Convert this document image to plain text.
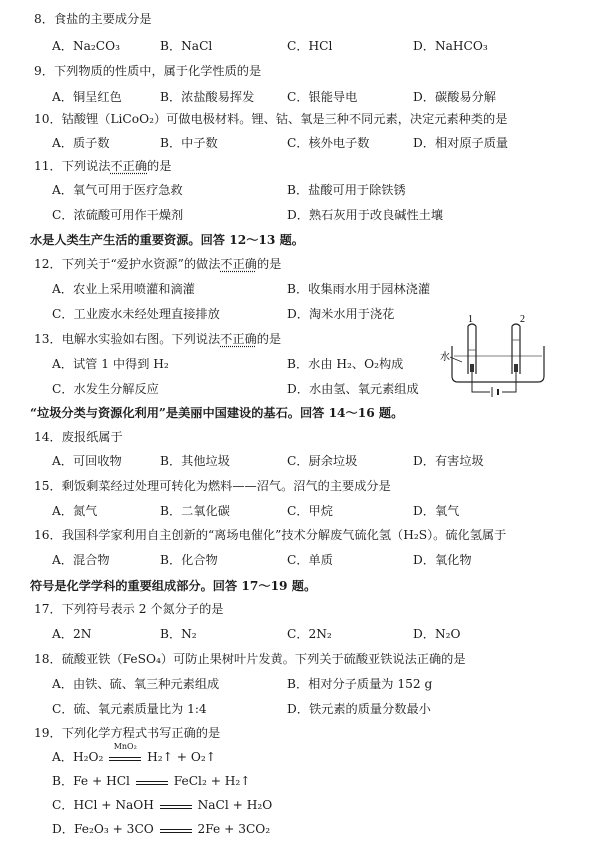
8．食盐的主要成分是
A．Na₂CO₃	B．NaCl	C．HCl	D．NaHCO₃
9．下列物质的性质中，属于化学性质的是
A．铜呈红色	B．浓盐酸易挥发	C．银能导电	D．碳酸易分解
10．钴酸锂（LiCoO₂）可做电极材料。锂、钴、氧是三种不同元素，决定元素种类的是
A．质子数	B．中子数	C．核外电子数	D．相对原子质量
11．下列说法不正确的是
A．氧气可用于医疗急救	B．盐酸可用于除铁锈
C．浓硫酸可用作干燥剂	D．熟石灰用于改良碱性土壤
水是人类生产生活的重要资源。回答 12～13 题。
12．下列关于“爱护水资源”的做法不正确的是
A．农业上采用喷灌和滴灌	B．收集雨水用于园林浇灌
C．工业废水未经处理直接排放	D．淘米水用于浇花
13．电解水实验如右图。下列说法不正确的是
A．试管 1 中得到 H₂	B．水由 H₂、O₂构成
C．水发生分解反应	D．水由氢、氧元素组成
1	2
水
“垃圾分类与资源化利用”是美丽中国建设的基石。回答 14～16 题。
14．废报纸属于
A．可回收物	B．其他垃圾	C．厨余垃圾	D．有害垃圾
15．剩饭剩菜经过处理可转化为燃料——沼气。沼气的主要成分是
A．氮气	B．二氧化碳	C．甲烷	D．氧气
16．我国科学家利用自主创新的“离场电催化”技术分解废气硫化氢（H₂S）。硫化氢属于
A．混合物	B．化合物	C．单质	D．氧化物
符号是化学学科的重要组成部分。回答 17～19 题。
17．下列符号表示 2 个氮分子的是
A．2N	B．N₂	C．2N₂	D．N₂O
18．硫酸亚铁（FeSO₄）可防止果树叶片发黄。下列关于硫酸亚铁说法正确的是
A．由铁、硫、氧三种元素组成	B．相对分子质量为 152 g
C．硫、氧元素质量比为 1:4	D．铁元素的质量分数最小
19．下列化学方程式书写正确的是
A．H₂O₂
MnO₂
H₂↑ + O₂↑
B．Fe + HCl	FeCl₂ + H₂↑
C．HCl + NaOH	NaCl + H₂O
D．Fe₂O₃ + 3CO	2Fe + 3CO₂
